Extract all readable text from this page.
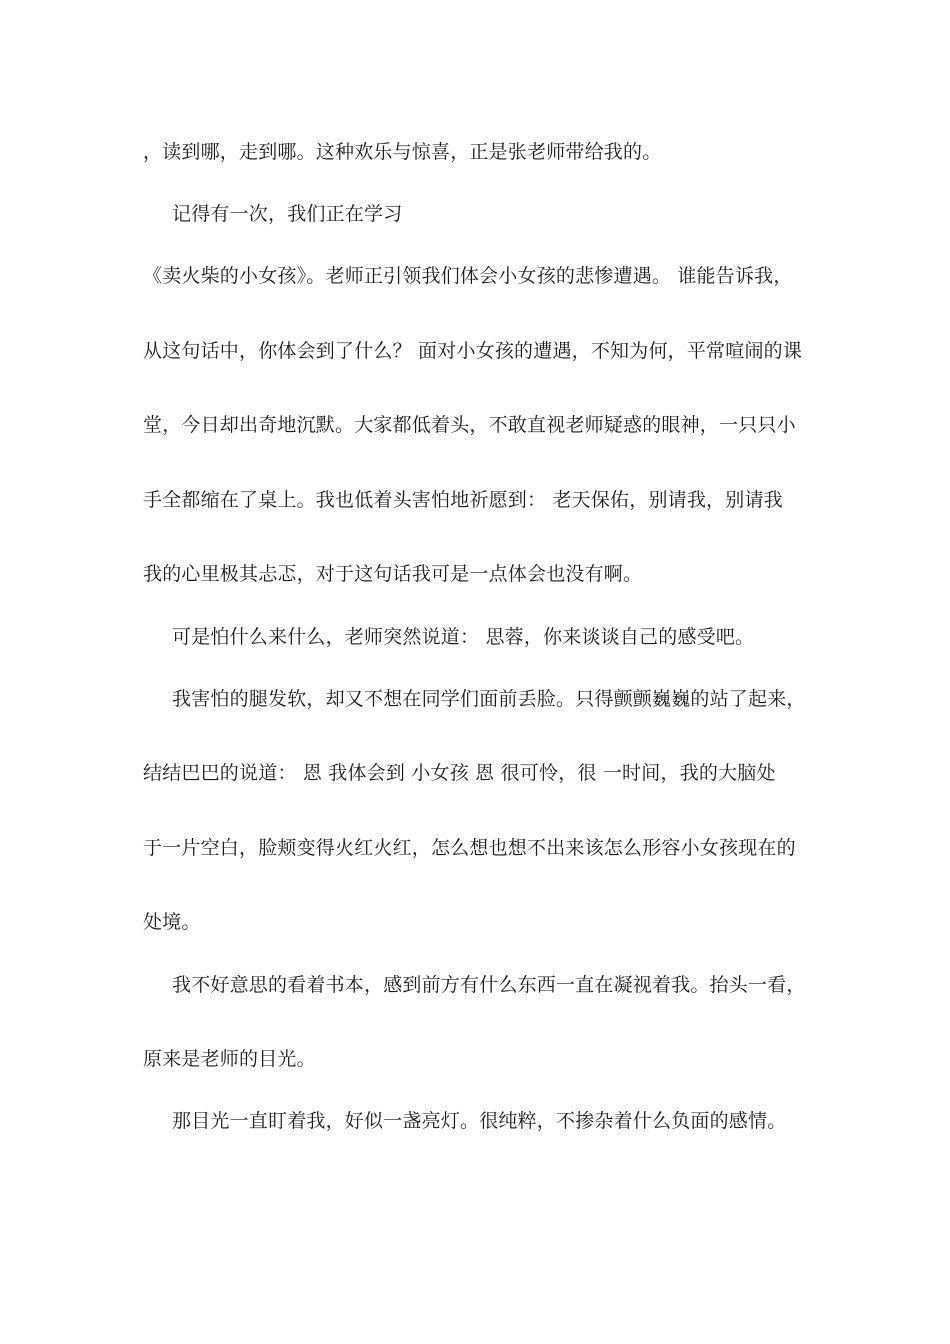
，读到哪，走到哪。这种欢乐与惊喜，正是张老师带给我的。
记得有一次，我们正在学习
《卖火柴的小女孩》。老师正引领我们体会小女孩的悲惨遭遇。 谁能告诉我，
从这句话中，你体会到了什么？ 面对小女孩的遭遇，不知为何，平常喧闹的课
堂，今日却出奇地沉默。大家都低着头，不敢直视老师疑惑的眼神，一只只小
手全都缩在了桌上。我也低着头害怕地祈愿到： 老天保佑，别请我，别请我
我的心里极其忐忑，对于这句话我可是一点体会也没有啊。
可是怕什么来什么，老师突然说道： 思蓉，你来谈谈自己的感受吧。
我害怕的腿发软，却又不想在同学们面前丢脸。只得颤颤巍巍的站了起来，
结结巴巴的说道： 恩 我体会到 小女孩 恩 很可怜，很 一时间，我的大脑处
于一片空白，脸颊变得火红火红，怎么想也想不出来该怎么形容小女孩现在的
处境。
我不好意思的看着书本，感到前方有什么东西一直在凝视着我。抬头一看，
原来是老师的目光。
那目光一直盯着我，好似一盏亮灯。很纯粹，不掺杂着什么负面的感情。
